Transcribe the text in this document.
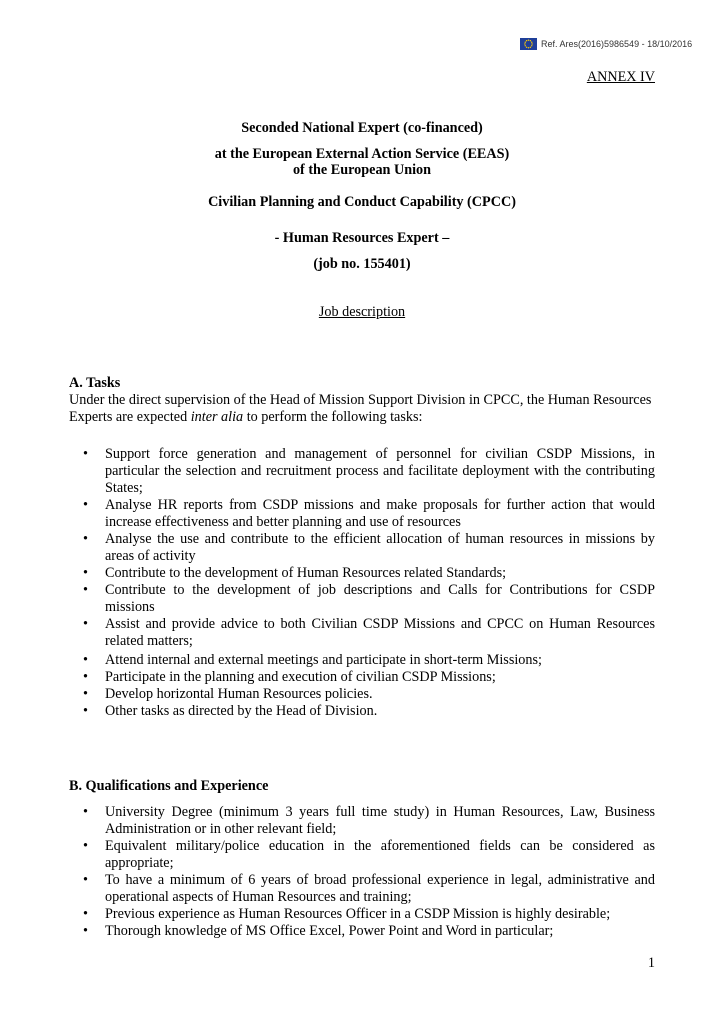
Ref. Ares(2016)5986549 - 18/10/2016
ANNEX IV
Seconded National Expert (co-financed)
at the European External Action Service (EEAS)
of the European Union
Civilian Planning and Conduct Capability (CPCC)
- Human Resources Expert –
(job no. 155401)
Job description
A. Tasks
Under the direct supervision of the Head of Mission Support Division in CPCC, the Human Resources Experts are expected inter alia to perform the following tasks:
• Support force generation and management of personnel for civilian CSDP Missions, in particular the selection and recruitment process and facilitate deployment with the contributing States;
• Analyse HR reports from CSDP missions and make proposals for further action that would increase effectiveness and better planning and use of resources
• Analyse the use and contribute to the efficient allocation of human resources in missions by areas of activity
• Contribute to the development of Human Resources related Standards;
• Contribute to the development of job descriptions and Calls for Contributions for CSDP missions
• Assist and provide advice to both Civilian CSDP Missions and CPCC on Human Resources related matters;
• Attend internal and external meetings and participate in short-term Missions;
• Participate in the planning and execution of civilian CSDP Missions;
• Develop horizontal Human Resources policies.
• Other tasks as directed by the Head of Division.
B. Qualifications and Experience
• University Degree (minimum 3 years full time study) in Human Resources, Law, Business Administration or in other relevant field;
• Equivalent military/police education in the aforementioned fields can be considered as appropriate;
• To have a minimum of 6 years of broad professional experience in legal, administrative and operational aspects of Human Resources and training;
• Previous experience as Human Resources Officer in a CSDP Mission is highly desirable;
• Thorough knowledge of MS Office Excel, Power Point and Word in particular;
1
